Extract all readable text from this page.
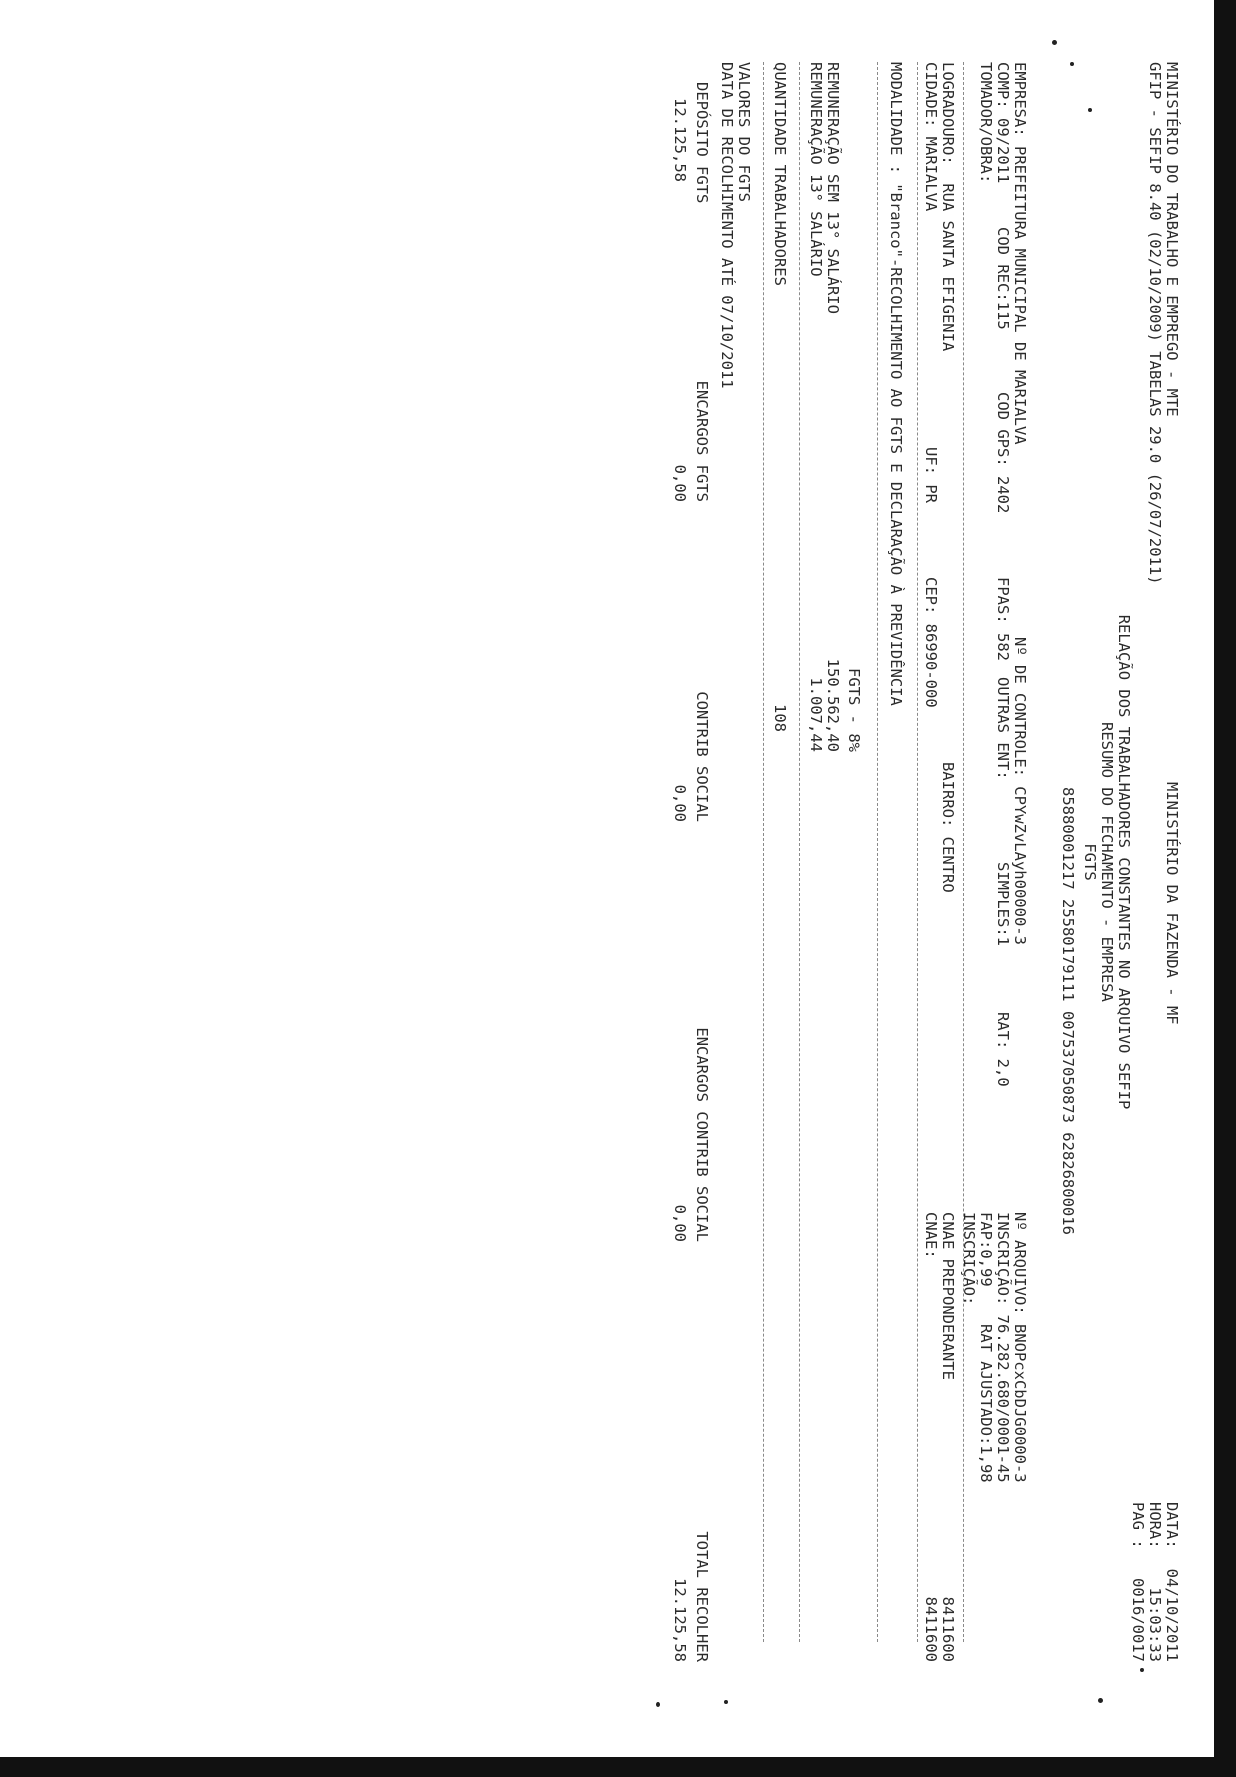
MINISTÉRIO DO TRABALHO E EMPREGO - MTE
MINISTÉRIO DA FAZENDA - MF
DATA:
04/10/2011
GFIP - SEFIP 8.40 (02/10/2009) TABELAS 29.0 (26/07/2011)
HORA:
15:03:33
PAG :
0016/0017
RELAÇÃO DOS TRABALHADORES CONSTANTES NO ARQUIVO SEFIP
RESUMO DO FECHAMENTO - EMPRESA
FGTS
85880001217 25580179111 00753705087З 62826800016
EMPRESA: PREFEITURA MUNICIPAL DE MARIALVA
Nº DE CONTROLE: CPYwZvLAyh00000-3
Nº ARQUIVO: BNOPcxCbDJG0000-3
COMP: 09/2011
COD REC:115
COD GPS: 2402
FPAS: 582
OUTRAS ENT:
SIMPLES:1
RAT: 2,0
INSCRIÇÃO: 76.282.680/0001-45
TOMADOR/OBRA:
FAP:0,99    RAT AJUSTADO:1,98
INSCRIÇÃO:
LOGRADOURO:  RUA SANTA EFIGENIA
BAIRRO: CENTRO
CNAE PREPONDERANTE
8411600
CIDADE: MARIALVA
UF: PR
CEP: 86990-000
CNAE:
8411600
MODALIDADE : "Branco"-RECOLHIMENTO AO FGTS E DECLARAÇÃO À PREVIDÊNCIA
FGTS - 8%
REMUNERAÇÃO SEM 13° SALÁRIO
150.562,40
REMUNERAÇÃO 13° SALÁRIO
1.007,44
QUANTIDADE TRABALHADORES
108
VALORES DO FGTS
DATA DE RECOLHIMENTO ATÉ 07/10/2011
DEPÓSITO FGTS
ENCARGOS FGTS
CONTRIB SOCIAL
ENCARGOS CONTRIB SOCIAL
TOTAL RECOLHER
12.125,58
0,00
0,00
0,00
12.125,58
